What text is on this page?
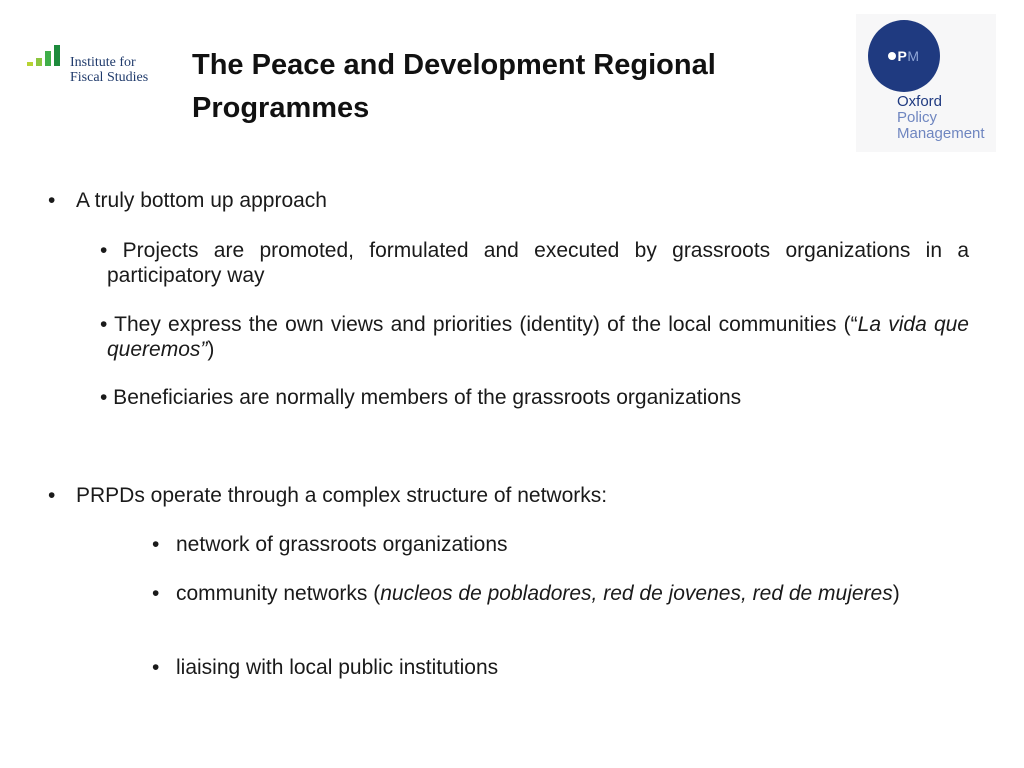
Institute for
Fiscal Studies The Peace and Development Regional
Programmes
P M
Oxford
Policy
Management
• A truly bottom up approach
• Projects are promoted, formulated and executed by grassroots organizations in a participatory way
• They express the own views and priorities (identity) of the local communities (“La vida que queremos”)
• Beneficiaries are normally members of the grassroots organizations
• PRPDs operate through a complex structure of networks:
• network of grassroots organizations
• community networks (nucleos de pobladores, red de jovenes, red de mujeres)
• liaising with local public institutions
